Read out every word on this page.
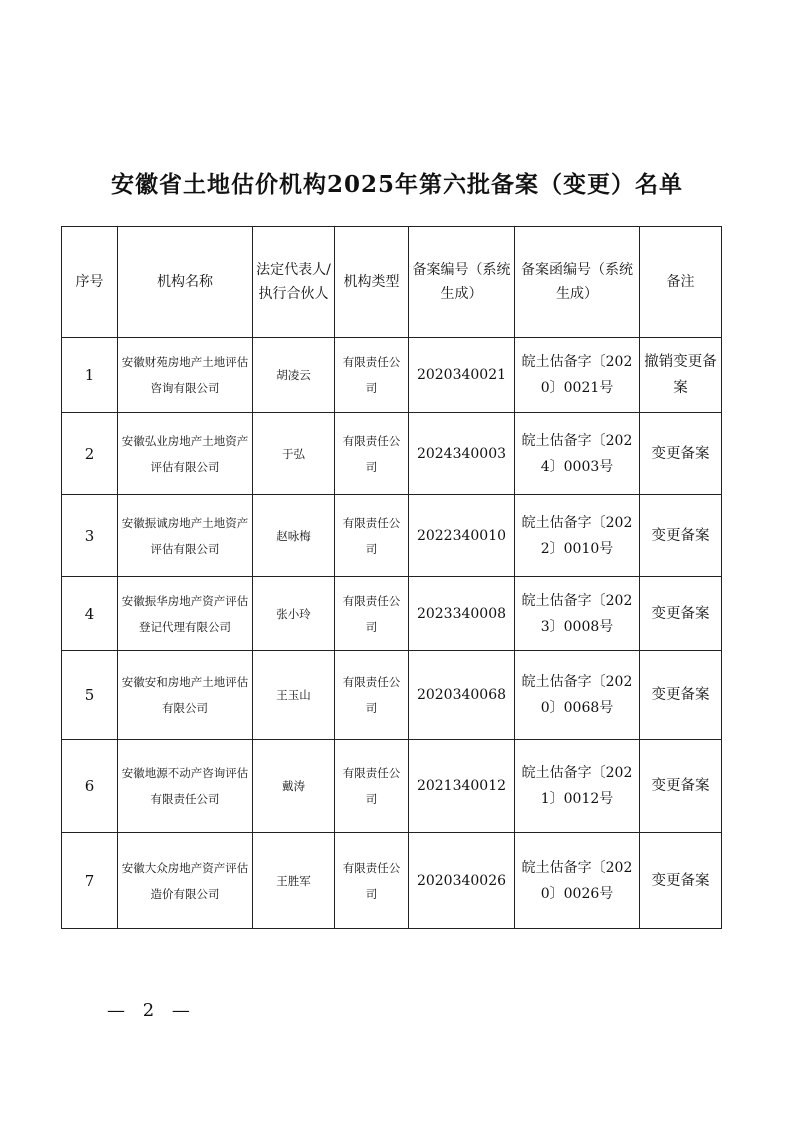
安徽省土地估价机构2025年第六批备案（变更）名单
序号	机构名称	法定代表人/执行合伙人	机构类型	备案编号（系统生成）	备案函编号（系统生成）	备注
1	安徽财苑房地产土地评估咨询有限公司	胡凌云	有限责任公司	2020340021	皖土估备字〔2020〕0021号	撤销变更备案
2	安徽弘业房地产土地资产评估有限公司	于弘	有限责任公司	2024340003	皖土估备字〔2024〕0003号	变更备案
3	安徽振诚房地产土地资产评估有限公司	赵咏梅	有限责任公司	2022340010	皖土估备字〔2022〕0010号	变更备案
4	安徽振华房地产资产评估登记代理有限公司	张小玲	有限责任公司	2023340008	皖土估备字〔2023〕0008号	变更备案
5	安徽安和房地产土地评估有限公司	王玉山	有限责任公司	2020340068	皖土估备字〔2020〕0068号	变更备案
6	安徽地源不动产咨询评估有限责任公司	戴涛	有限责任公司	2021340012	皖土估备字〔2021〕0012号	变更备案
7	安徽大众房地产资产评估造价有限公司	王胜军	有限责任公司	2020340026	皖土估备字〔2020〕0026号	变更备案
— 2 —
